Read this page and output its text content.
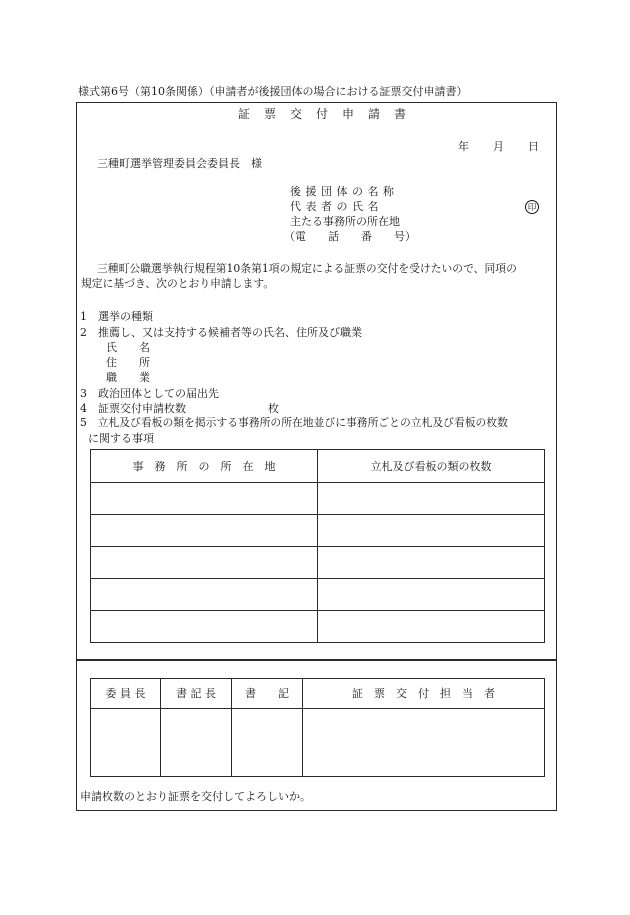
様式第6号（第10条関係）（申請者が後援団体の場合における証票交付申請書）
証　票　交　付　申　請　書
年 月 日
三種町選挙管理委員会委員長　様
後 援 団 体 の 名 称
代 表 者 の 氏 名	印
主たる事務所の所在地
（電　　話　　番　　号）
三種町公職選挙執行規程第10条第1項の規定による証票の交付を受けたいので、同項の
規定に基づき、次のとおり申請します。
1　選挙の種類
2　推薦し、又は支持する候補者等の氏名、住所及び職業
氏　　名
住　　所
職　　業
3　政治団体としての届出先
4　証票交付申請枚数	枚
5　立札及び看板の類を掲示する事務所の所在地並びに事務所ごとの立札及び看板の枚数
に関する事項
事　務　所　の　所　在　地	立札及び看板の類の枚数

委 員 長	書 記 長	書　　記	証　票　交　付　担　当　者

申請枚数のとおり証票を交付してよろしいか。
